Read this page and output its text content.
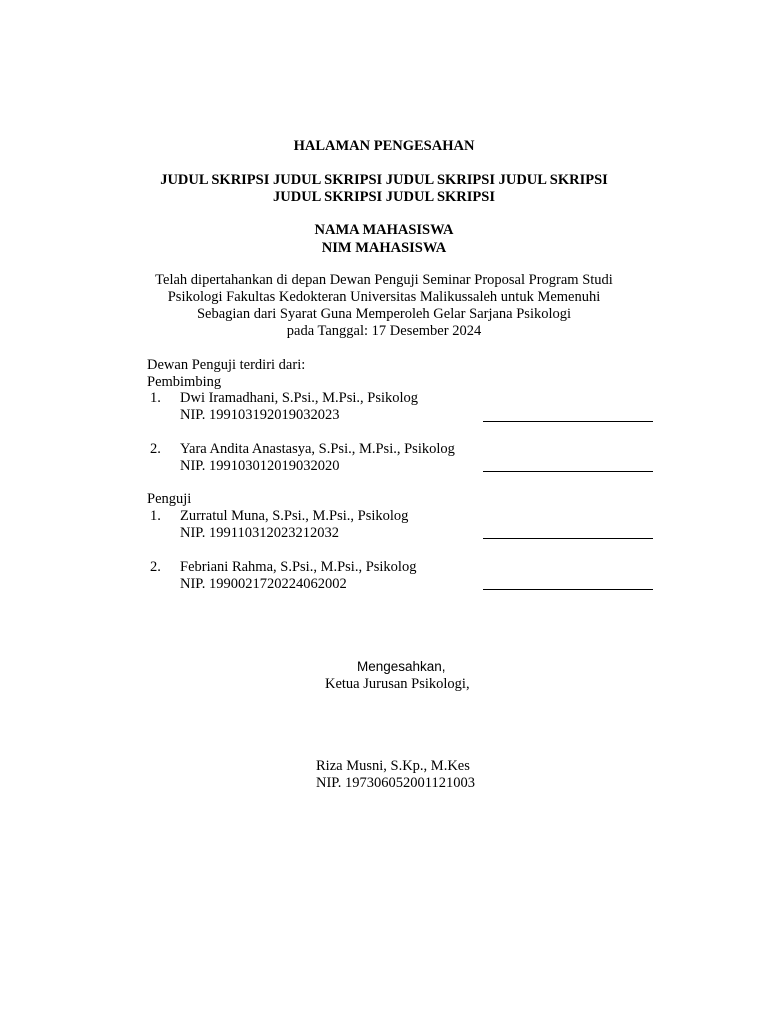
HALAMAN PENGESAHAN
JUDUL SKRIPSI JUDUL SKRIPSI JUDUL SKRIPSI JUDUL SKRIPSI
JUDUL SKRIPSI JUDUL SKRIPSI
NAMA MAHASISWA
NIM MAHASISWA
Telah dipertahankan di depan Dewan Penguji Seminar Proposal Program Studi
Psikologi Fakultas Kedokteran Universitas Malikussaleh untuk Memenuhi
Sebagian dari Syarat Guna Memperoleh Gelar Sarjana Psikologi
pada Tanggal: 17 Desember 2024
Dewan Penguji terdiri dari:
Pembimbing
1. Dwi Iramadhani, S.Psi., M.Psi., Psikolog
NIP. 199103192019032023
2. Yara Andita Anastasya, S.Psi., M.Psi., Psikolog
NIP. 199103012019032020
Penguji
1. Zurratul Muna, S.Psi., M.Psi., Psikolog
NIP. 199110312023212032
2. Febriani Rahma, S.Psi., M.Psi., Psikolog
NIP. 1990021720224062002
Mengesahkan,
Ketua Jurusan Psikologi,
Riza Musni, S.Kp., M.Kes
NIP. 197306052001121003
